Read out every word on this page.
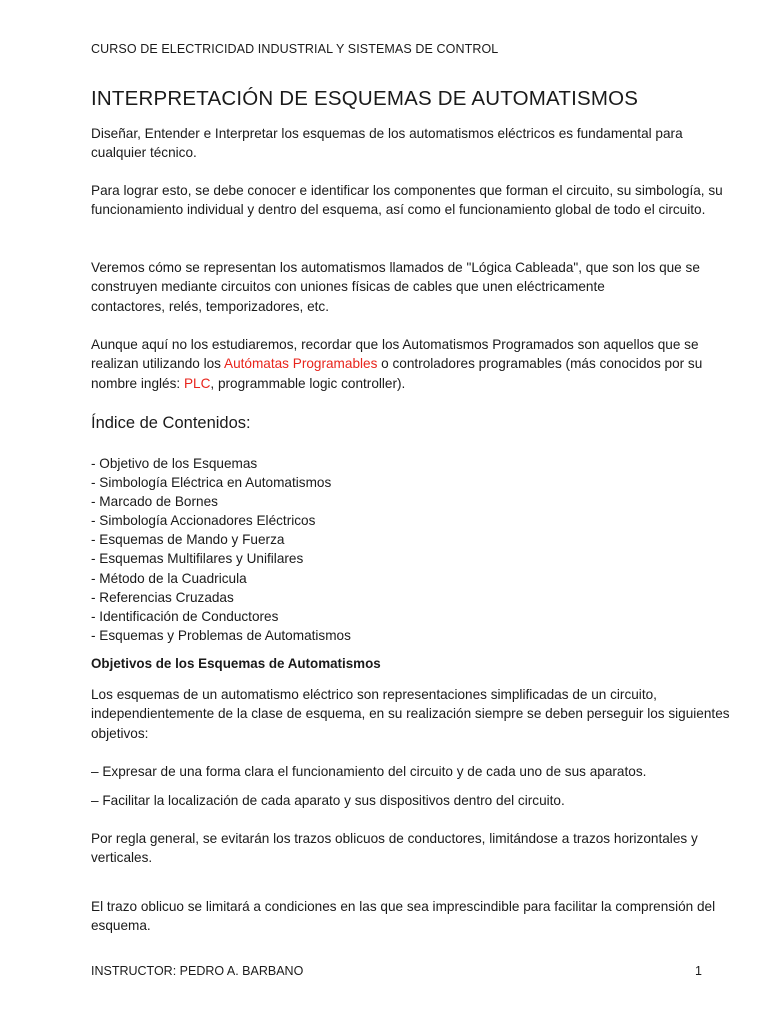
CURSO DE ELECTRICIDAD INDUSTRIAL Y SISTEMAS DE CONTROL

INTERPRETACIÓN DE ESQUEMAS DE AUTOMATISMOS

Diseñar, Entender e Interpretar los esquemas de los automatismos eléctricos es fundamental para cualquier técnico.

Para lograr esto, se debe conocer e identificar los componentes que forman el circuito, su simbología, su funcionamiento individual y dentro del esquema, así como el funcionamiento global de todo el circuito.

Veremos cómo se representan los automatismos llamados de "Lógica Cableada", que son los que se construyen mediante circuitos con uniones físicas de cables que unen eléctricamente
contactores, relés, temporizadores, etc.

Aunque aquí no los estudiaremos, recordar que los Automatismos Programados son aquellos que se realizan utilizando los Autómatas Programables o controladores programables (más conocidos por su nombre inglés: PLC, programmable logic controller).

Índice de Contenidos:
- Objetivo de los Esquemas
- Simbología Eléctrica en Automatismos
- Marcado de Bornes
- Simbología Accionadores Eléctricos
- Esquemas de Mando y Fuerza
- Esquemas Multifilares y Unifilares
- Método de la Cuadricula
- Referencias Cruzadas
- Identificación de Conductores
- Esquemas y Problemas de Automatismos
Objetivos de los Esquemas de Automatismos

Los esquemas de un automatismo eléctrico son representaciones simplificadas de un circuito, independientemente de la clase de esquema, en su realización siempre se deben perseguir los siguientes objetivos:

– Expresar de una forma clara el funcionamiento del circuito y de cada uno de sus aparatos.

– Facilitar la localización de cada aparato y sus dispositivos dentro del circuito.

Por regla general, se evitarán los trazos oblicuos de conductores, limitándose a trazos horizontales y verticales.

El trazo oblicuo se limitará a condiciones en las que sea imprescindible para facilitar la comprensión del esquema.

INSTRUCTOR: PEDRO A. BARBANO	1
